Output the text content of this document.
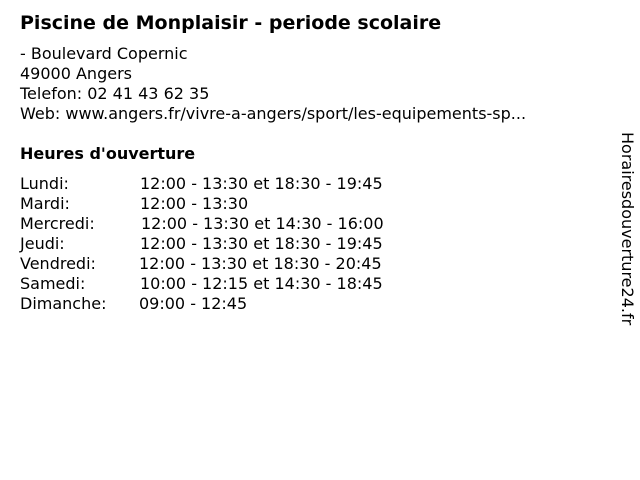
Piscine de Monplaisir - periode scolaire
- Boulevard Copernic
49000 Angers
Telefon: 02 41 43 62 35
Web: www.angers.fr/vivre-a-angers/sport/les-equipements-sp...
Heures d'ouverture
Lundi:	12:00 - 13:30 et 18:30 - 19:45
Mardi:	12:00 - 13:30
Mercredi:	12:00 - 13:30 et 14:30 - 16:00
Jeudi:	12:00 - 13:30 et 18:30 - 19:45
Vendredi:	12:00 - 13:30 et 18:30 - 20:45
Samedi:	10:00 - 12:15 et 14:30 - 18:45
Dimanche: 09:00 - 12:45	Horairesdouverture24.fr
